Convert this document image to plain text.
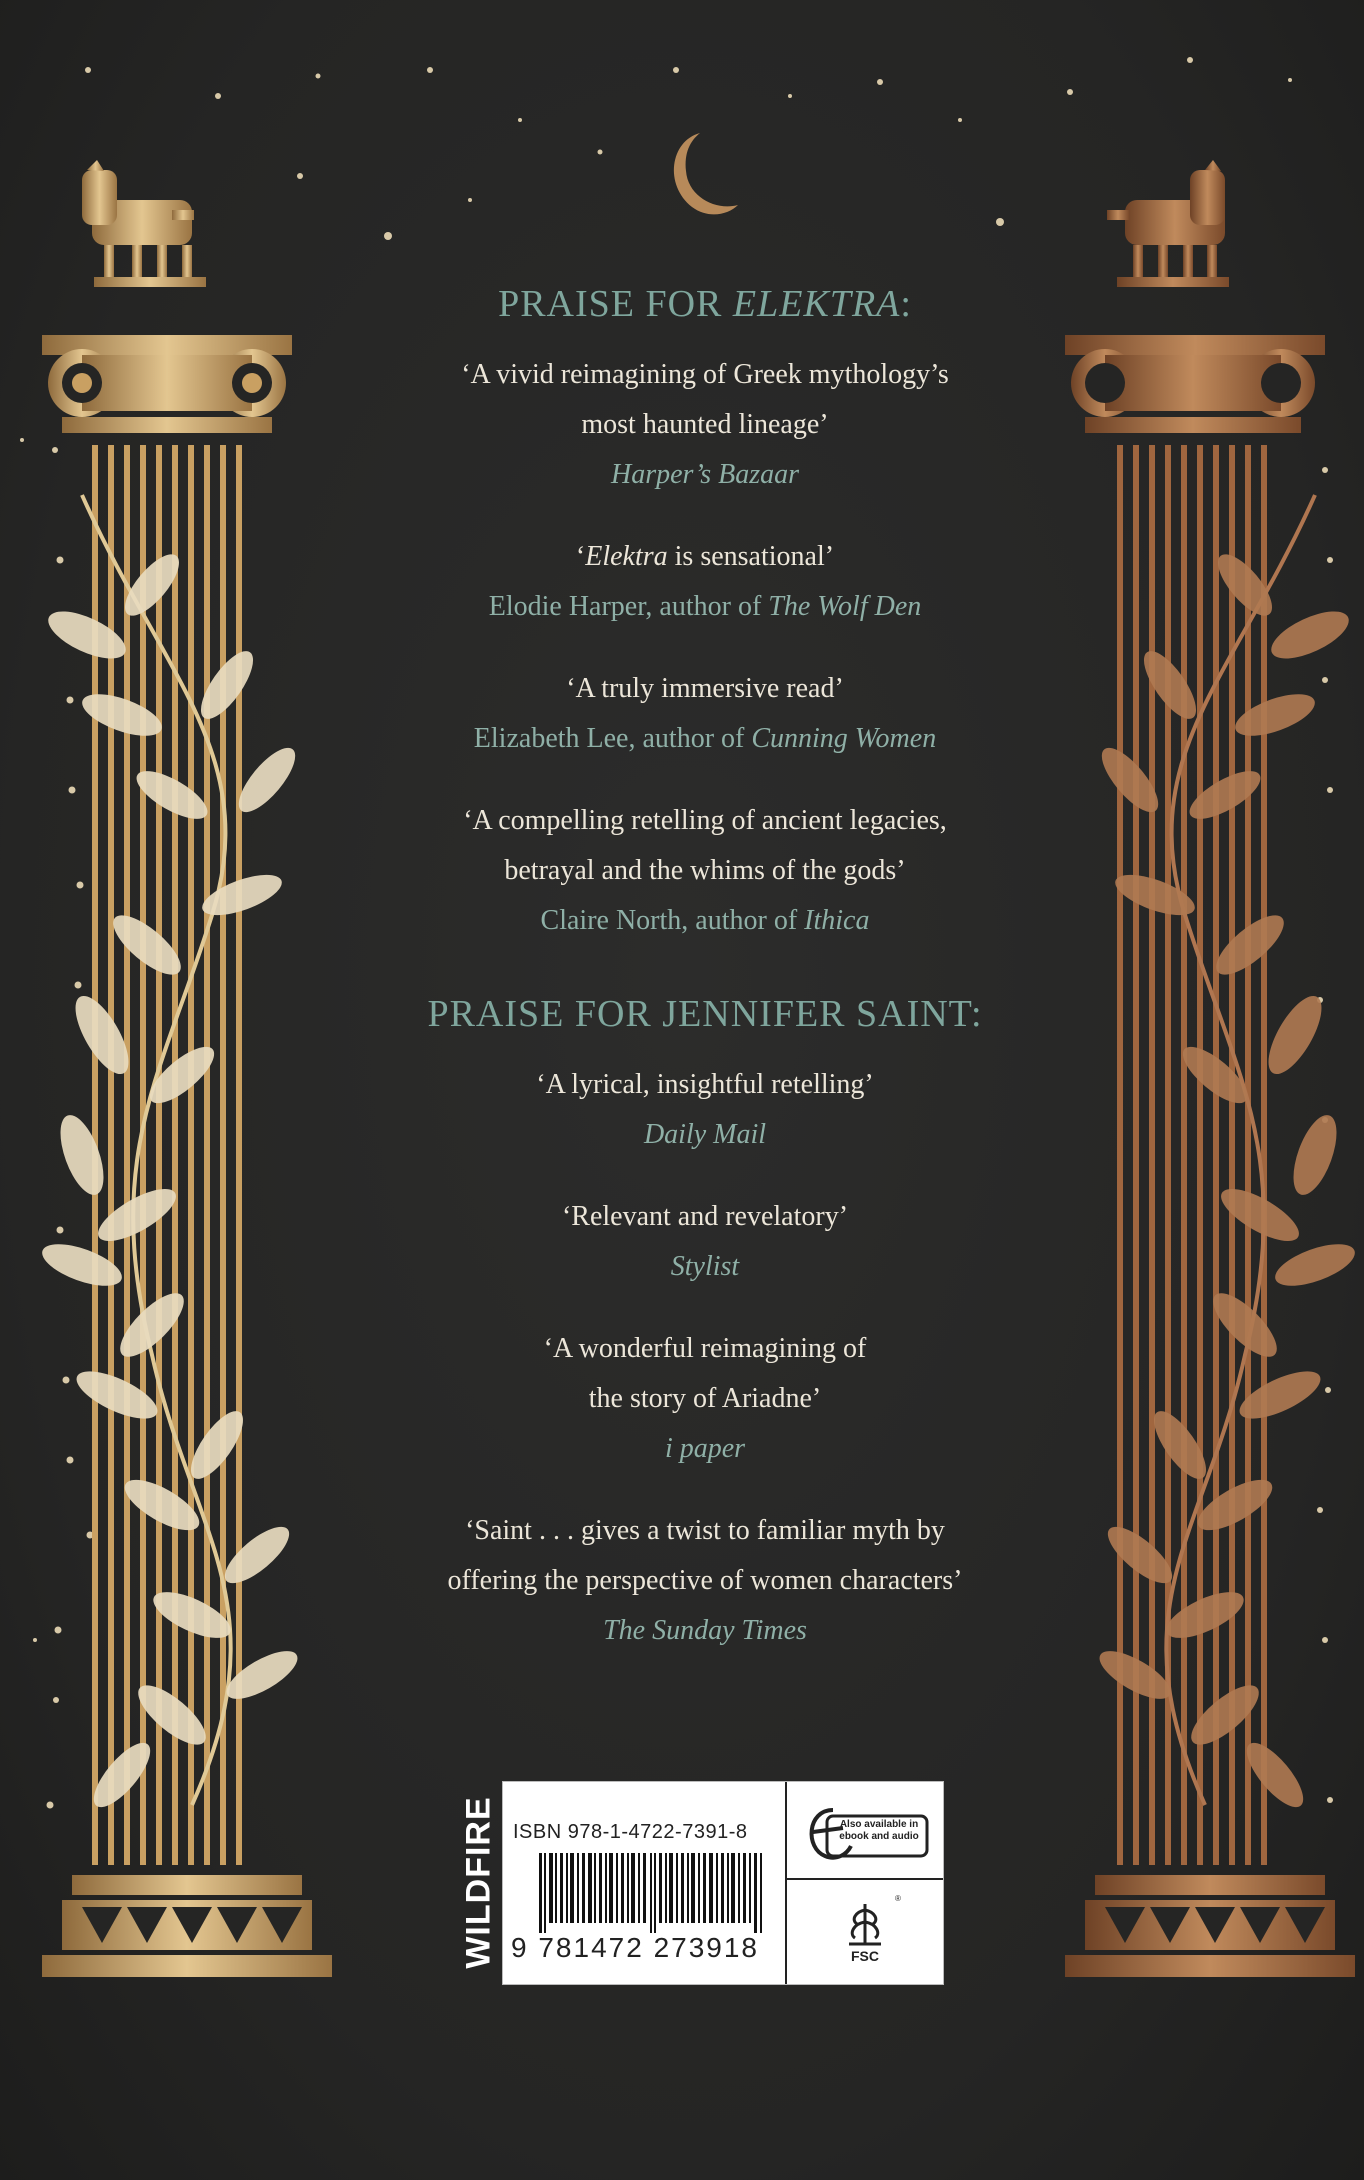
PRAISE FOR ELEKTRA:
‘A vivid reimagining of Greek mythology’s
most haunted lineage’
Harper’s Bazaar
‘Elektra is sensational’
Elodie Harper, author of The Wolf Den
‘A truly immersive read’
Elizabeth Lee, author of Cunning Women
‘A compelling retelling of ancient legacies,
betrayal and the whims of the gods’
Claire North, author of Ithica
PRAISE FOR JENNIFER SAINT:
‘A lyrical, insightful retelling’
Daily Mail
‘Relevant and revelatory’
Stylist
‘A wonderful reimagining of
the story of Ariadne’
i paper
‘Saint . . . gives a twist to familiar myth by
offering the perspective of women characters’
The Sunday Times
WILDFIRE ISBN 978-1-4722-7391-8
9 781472 273918
Also available in ebook and audio
®
FSC
